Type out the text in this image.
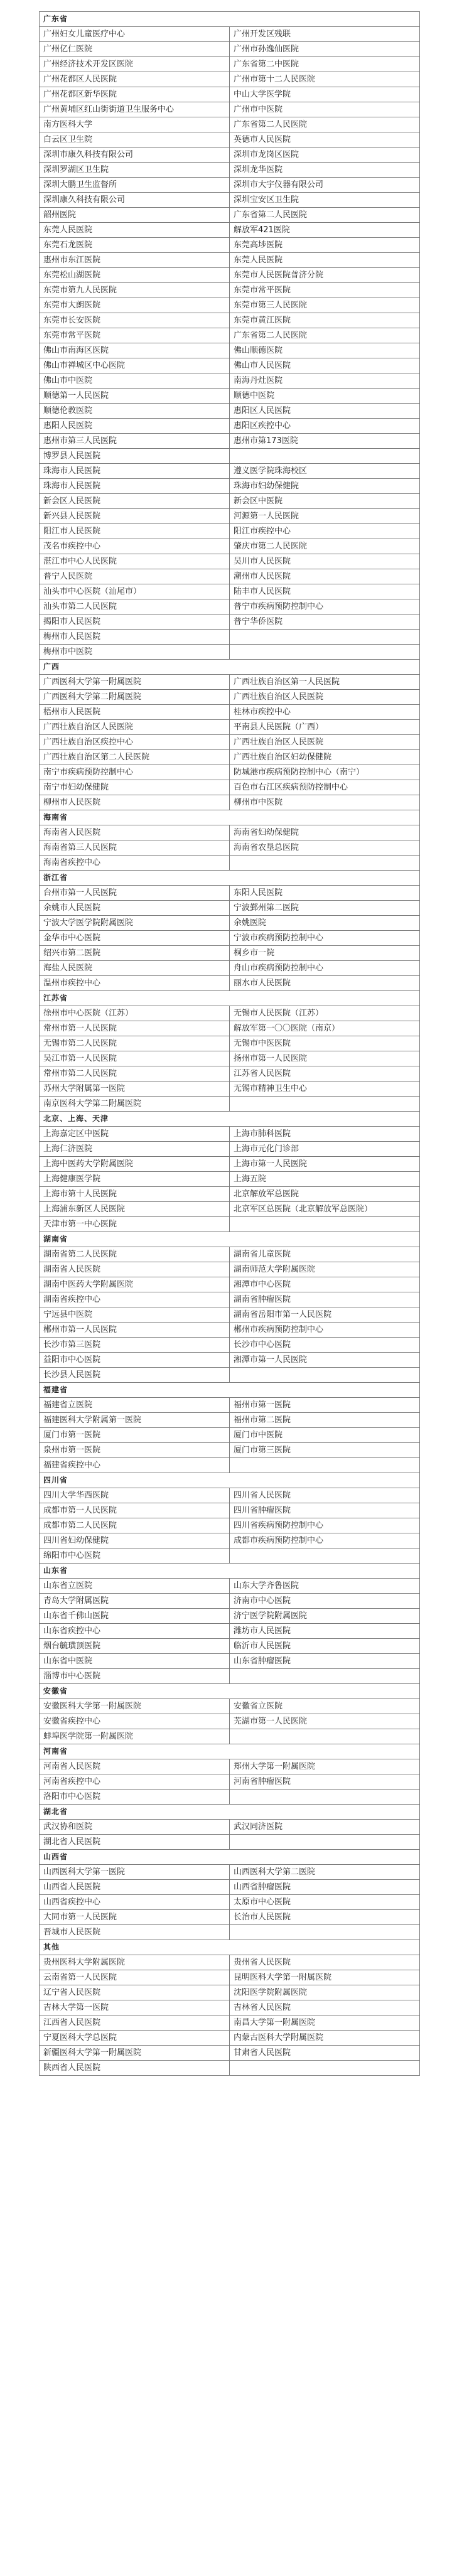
广东省	
广州妇女儿童医疗中心	广州开发区残联
广州亿仁医院	广州市孙逸仙医院
广州经济技术开发区医院	广东省第二中医院
广州花都区人民医院	广州市第十二人民医院
广州花都区新华医院	中山大学医学院
广州黄埔区红山街街道卫生服务中心	广州市中医院
南方医科大学	广东省第二人民医院
白云区卫生院	英德市人民医院
深圳市康久科技有限公司	深圳市龙岗区医院
深圳罗湖区卫生院	深圳龙华医院
深圳大鹏卫生监督所	深圳市大宇仪器有限公司
深圳康久科技有限公司	深圳宝安区卫生院
韶州医院	广东省第二人民医院
东莞人民医院	解放军421医院
东莞石龙医院	东莞高埗医院
惠州市东江医院	东莞人民医院
东莞松山湖医院	东莞市人民医院普济分院
东莞市第九人民医院	东莞市常平医院
东莞市大朗医院	东莞市第三人民医院
东莞市长安医院	东莞市黄江医院
东莞市常平医院	广东省第二人民医院
佛山市南海区医院	佛山顺德医院
佛山市禅城区中心医院	佛山市人民医院
佛山市中医院	南海丹灶医院
顺德第一人民医院	顺德中医院
顺德伦教医院	惠阳区人民医院
惠阳人民医院	惠阳区疾控中心
惠州市第三人民医院	惠州市第173医院
博罗县人民医院	
珠海市人民医院	遵义医学院珠海校区
珠海市人民医院	珠海市妇幼保健院
新会区人民医院	新会区中医院
新兴县人民医院	河源第一人民医院
阳江市人民医院	阳江市疾控中心
茂名市疾控中心	肇庆市第二人民医院
湛江市中心人民医院	吴川市人民医院
普宁人民医院	潮州市人民医院
汕头市中心医院（汕尾市）	陆丰市人民医院
汕头市第二人民医院	普宁市疾病预防控制中心
揭阳市人民医院	普宁华侨医院
梅州市人民医院	
梅州市中医院	
广西	
广西医科大学第一附属医院	广西壮族自治区第一人民医院
广西医科大学第二附属医院	广西壮族自治区人民医院
梧州市人民医院	桂林市疾控中心
广西壮族自治区人民医院	平南县人民医院（广西）
广西壮族自治区疾控中心	广西壮族自治区人民医院
广西壮族自治区第二人民医院	广西壮族自治区妇幼保健院
南宁市疾病预防控制中心	防城港市疾病预防控制中心（南宁）
南宁市妇幼保健院	百色市右江区疾病预防控制中心
柳州市人民医院	柳州市中医院
海南省	
海南省人民医院	海南省妇幼保健院
海南省第三人民医院	海南省农垦总医院
海南省疾控中心	
浙江省	
台州市第一人民医院	东阳人民医院
余姚市人民医院	宁波鄞州第二医院
宁波大学医学院附属医院	余姚医院
金华市中心医院	宁波市疾病预防控制中心
绍兴市第二医院	桐乡市一院
海盐人民医院	舟山市疾病预防控制中心
温州市疾控中心	丽水市人民医院
江苏省	
徐州市中心医院（江苏）	无锡市人民医院（江苏）
常州市第一人民医院	解放军第一〇〇医院（南京）
无锡市第二人民医院	无锡市中医医院
吴江市第一人民医院	扬州市第一人民医院
常州市第二人民医院	江苏省人民医院
苏州大学附属第一医院	无锡市精神卫生中心
南京医科大学第二附属医院	
北京、上海、天津	
上海嘉定区中医院	上海市肺科医院
上海仁济医院	上海市元化门诊部
上海中医药大学附属医院	上海市第一人民医院
上海健康医学院	上海五院
上海市第十人民医院	北京解放军总医院
上海浦东新区人民医院	北京军区总医院（北京解放军总医院）
天津市第一中心医院	
湖南省	
湖南省第二人民医院	湖南省儿童医院
湖南省人民医院	湖南师范大学附属医院
湖南中医药大学附属医院	湘潭市中心医院
湖南省疾控中心	湖南省肿瘤医院
宁远县中医院	湖南省岳阳市第一人民医院
郴州市第一人民医院	郴州市疾病预防控制中心
长沙市第三医院	长沙市中心医院
益阳市中心医院	湘潭市第一人民医院
长沙县人民医院	
福建省	
福建省立医院	福州市第一医院
福建医科大学附属第一医院	福州市第二医院
厦门市第一医院	厦门市中医院
泉州市第一医院	厦门市第三医院
福建省疾控中心	
四川省	
四川大学华西医院	四川省人民医院
成都市第一人民医院	四川省肿瘤医院
成都市第二人民医院	四川省疾病预防控制中心
四川省妇幼保健院	成都市疾病预防控制中心
绵阳市中心医院	
山东省	
山东省立医院	山东大学齐鲁医院
青岛大学附属医院	济南市中心医院
山东省千佛山医院	济宁医学院附属医院
山东省疾控中心	潍坊市人民医院
烟台毓璜顶医院	临沂市人民医院
山东省中医院	山东省肿瘤医院
淄博市中心医院	
安徽省	
安徽医科大学第一附属医院	安徽省立医院
安徽省疾控中心	芜湖市第一人民医院
蚌埠医学院第一附属医院	
河南省	
河南省人民医院	郑州大学第一附属医院
河南省疾控中心	河南省肿瘤医院
洛阳市中心医院	
湖北省	
武汉协和医院	武汉同济医院
湖北省人民医院	
山西省	
山西医科大学第一医院	山西医科大学第二医院
山西省人民医院	山西省肿瘤医院
山西省疾控中心	太原市中心医院
大同市第一人民医院	长治市人民医院
晋城市人民医院	
其他	
贵州医科大学附属医院	贵州省人民医院
云南省第一人民医院	昆明医科大学第一附属医院
辽宁省人民医院	沈阳医学院附属医院
吉林大学第一医院	吉林省人民医院
江西省人民医院	南昌大学第一附属医院
宁夏医科大学总医院	内蒙古医科大学附属医院
新疆医科大学第一附属医院	甘肃省人民医院
陕西省人民医院	
